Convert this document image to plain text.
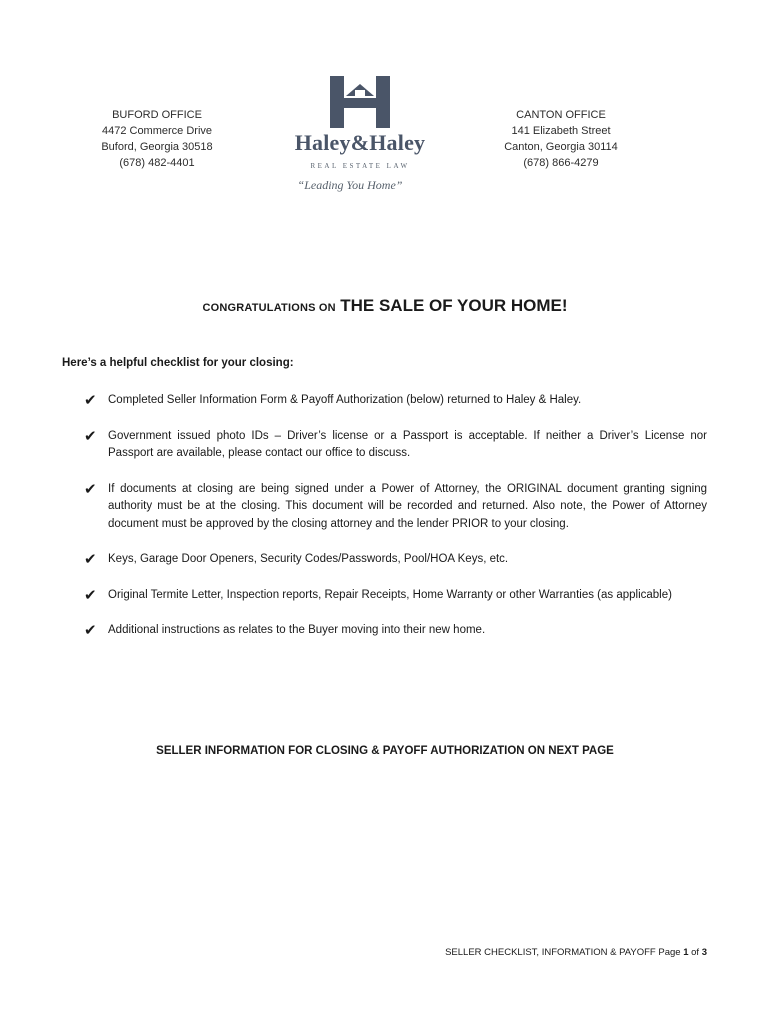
BUFORD OFFICE
4472 Commerce Drive
Buford, Georgia 30518
(678) 482-4401
Haley&Haley
REAL ESTATE LAW
“Leading You Home”
CANTON OFFICE
141 Elizabeth Street
Canton, Georgia 30114
(678) 866-4279
CONGRATULATIONS ON THE SALE OF YOUR HOME!
Here’s a helpful checklist for your closing:
✔ Completed Seller Information Form & Payoff Authorization (below) returned to Haley & Haley.
✔ Government issued photo IDs – Driver’s license or a Passport is acceptable. If neither a Driver’s License nor Passport are available, please contact our office to discuss.
✔ If documents at closing are being signed under a Power of Attorney, the ORIGINAL document granting signing authority must be at the closing. This document will be recorded and returned. Also note, the Power of Attorney document must be approved by the closing attorney and the lender PRIOR to your closing.
✔ Keys, Garage Door Openers, Security Codes/Passwords, Pool/HOA Keys, etc.
✔ Original Termite Letter, Inspection reports, Repair Receipts, Home Warranty or other Warranties (as applicable)
✔ Additional instructions as relates to the Buyer moving into their new home.
SELLER INFORMATION FOR CLOSING & PAYOFF AUTHORIZATION ON NEXT PAGE
SELLER CHECKLIST, INFORMATION & PAYOFF Page 1 of 3
